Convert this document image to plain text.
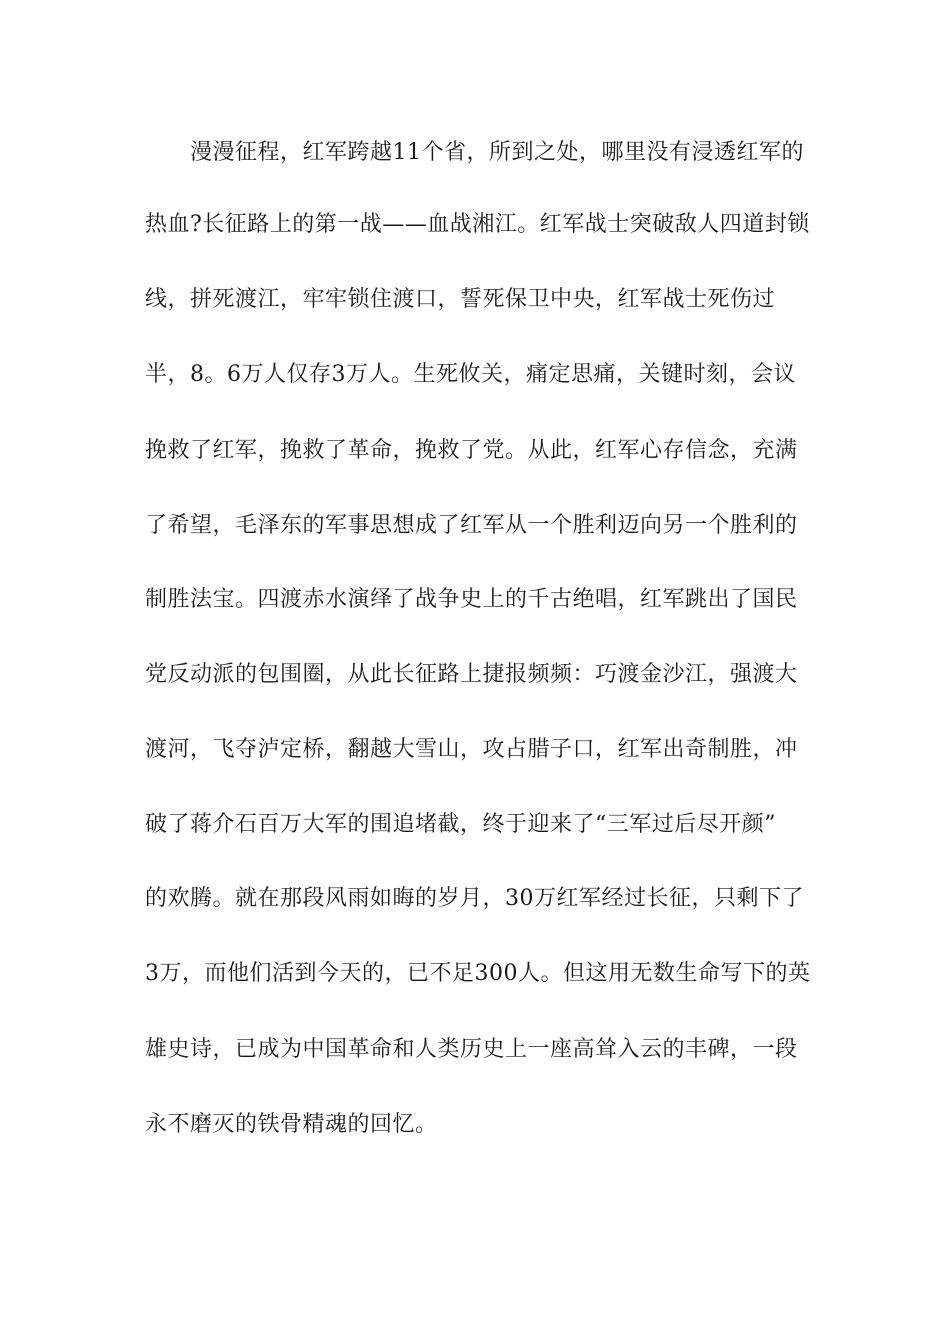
漫漫征程，红军跨越11个省，所到之处，哪里没有浸透红军的
热血?长征路上的第一战——血战湘江。红军战士突破敌人四道封锁
线，拼死渡江，牢牢锁住渡口，誓死保卫中央，红军战士死伤过
半，8。6万人仅存3万人。生死攸关，痛定思痛，关键时刻，会议
挽救了红军，挽救了革命，挽救了党。从此，红军心存信念，充满
了希望，毛泽东的军事思想成了红军从一个胜利迈向另一个胜利的
制胜法宝。四渡赤水演绎了战争史上的千古绝唱，红军跳出了国民
党反动派的包围圈，从此长征路上捷报频频：巧渡金沙江，强渡大
渡河，飞夺泸定桥，翻越大雪山，攻占腊子口，红军出奇制胜，冲
破了蒋介石百万大军的围追堵截，终于迎来了“三军过后尽开颜”
的欢腾。就在那段风雨如晦的岁月，30万红军经过长征，只剩下了
3万，而他们活到今天的，已不足300人。但这用无数生命写下的英
雄史诗，已成为中国革命和人类历史上一座高耸入云的丰碑，一段
永不磨灭的铁骨精魂的回忆。
